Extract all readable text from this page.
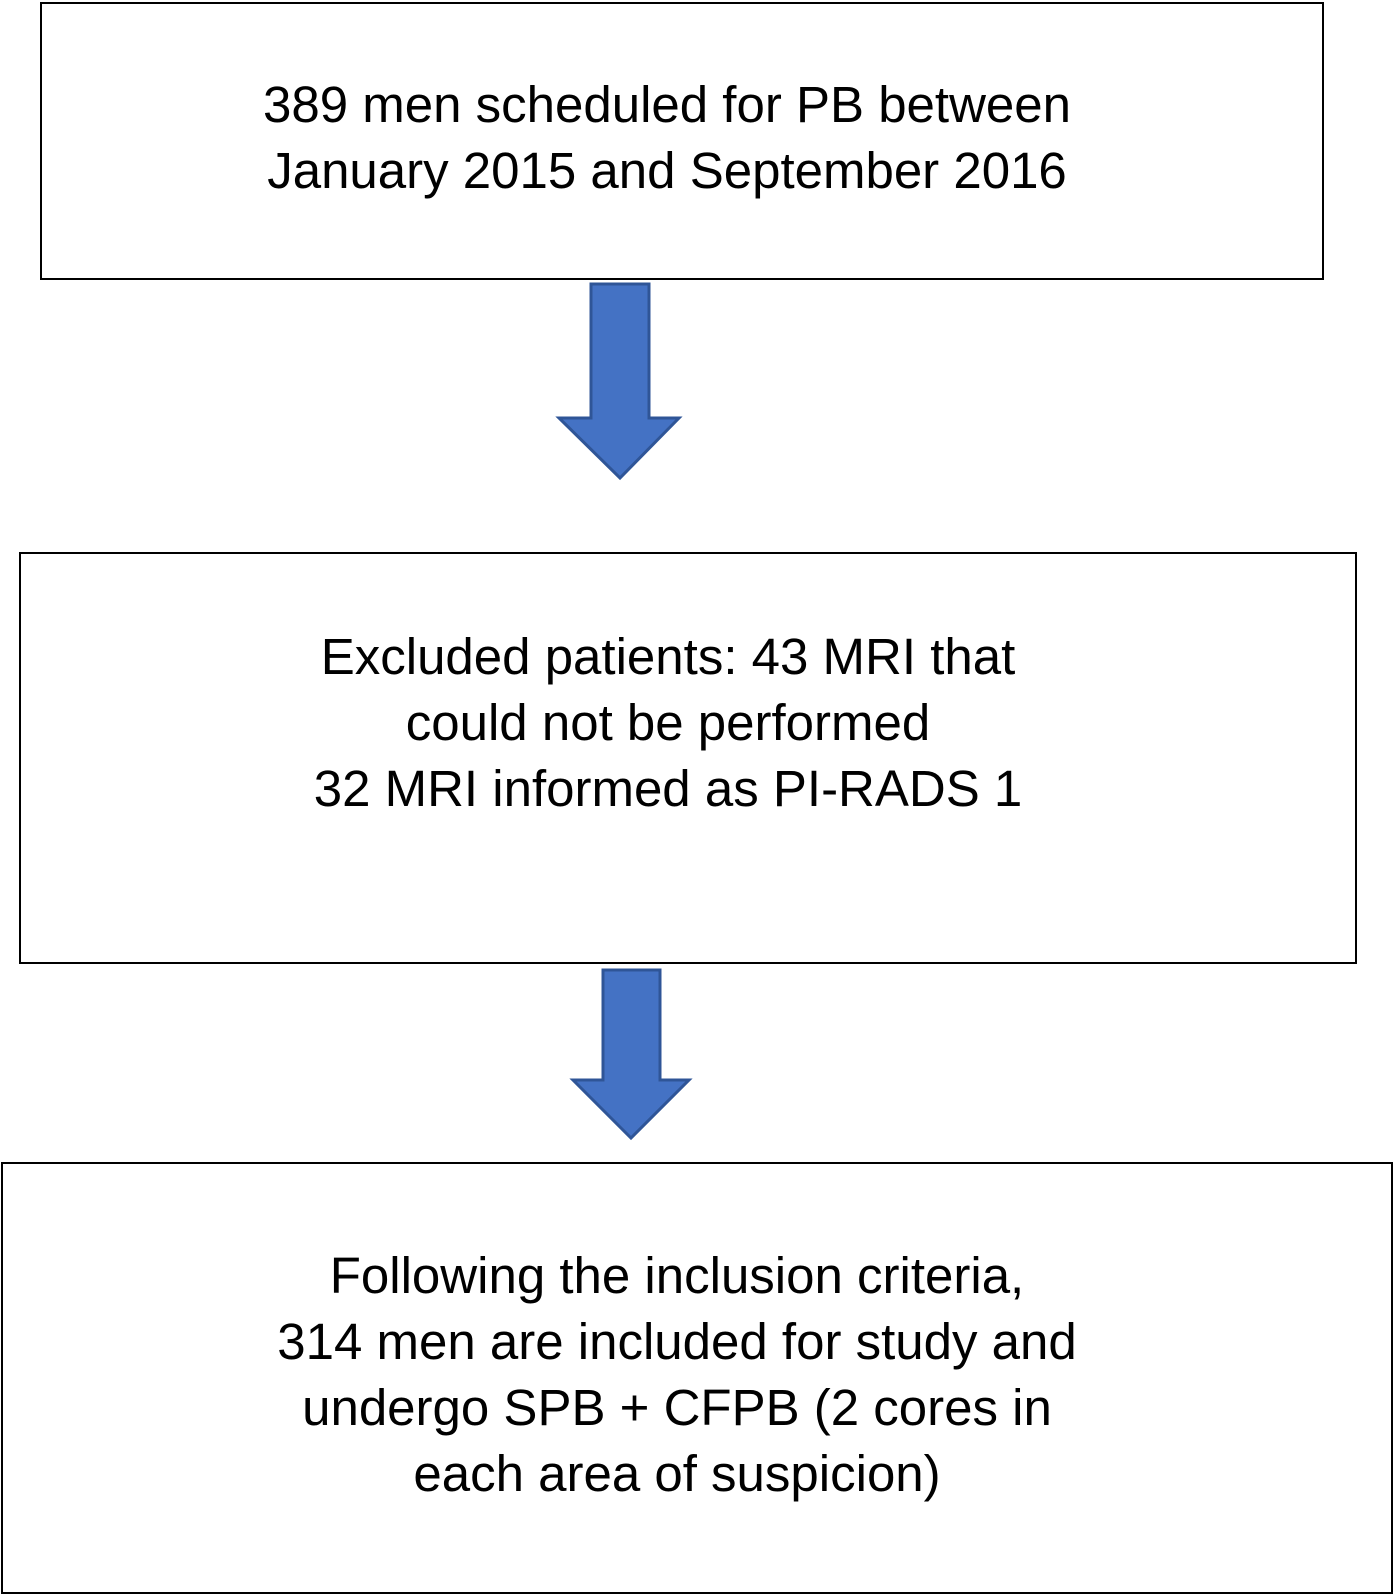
389 men scheduled for PB between
January 2015 and September 2016
Excluded patients: 43 MRI that
could not be performed
32 MRI informed as PI-RADS 1
Following the inclusion criteria,
314 men are included for study and
undergo SPB + CFPB (2 cores in
each area of suspicion)
